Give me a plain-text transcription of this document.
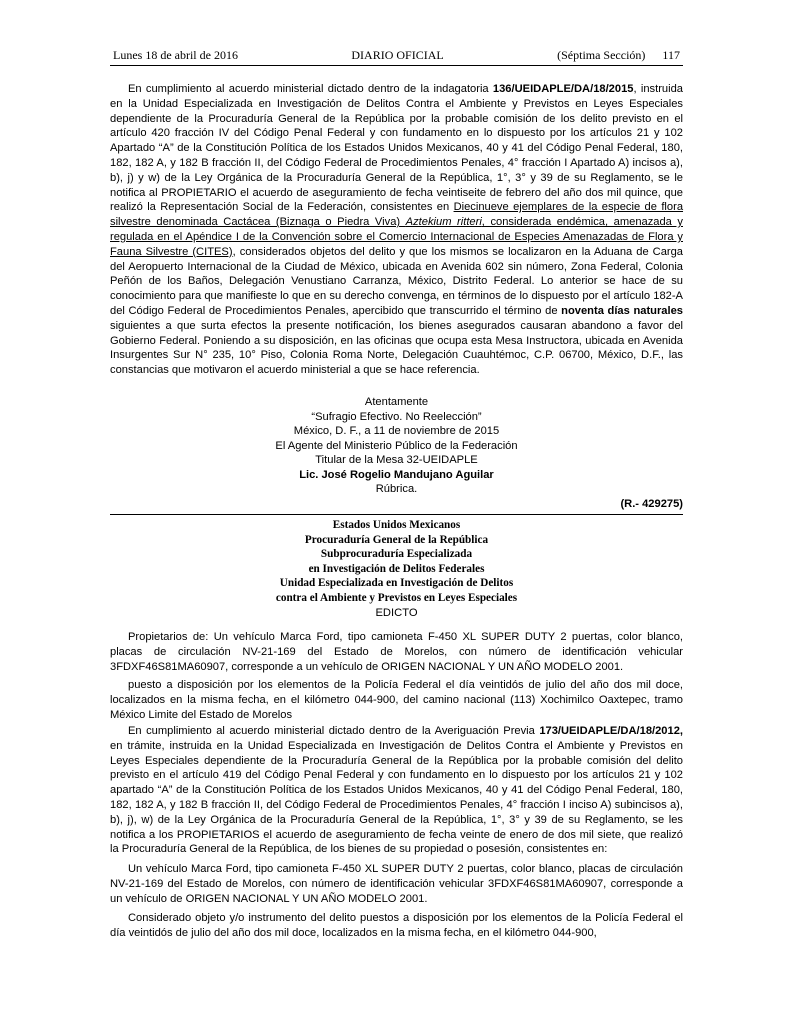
Lunes 18 de abril de 2016	DIARIO OFICIAL	(Séptima Sección) 117

En cumplimiento al acuerdo ministerial dictado dentro de la indagatoria 136/UEIDAPLE/DA/18/2015, instruida en la Unidad Especializada en Investigación de Delitos Contra el Ambiente y Previstos en Leyes Especiales dependiente de la Procuraduría General de la República por la probable comisión de los delito previsto en el artículo 420 fracción IV del Código Penal Federal y con fundamento en lo dispuesto por los artículos 21 y 102 Apartado “A” de la Constitución Política de los Estados Unidos Mexicanos, 40 y 41 del Código Penal Federal, 180, 182, 182 A, y 182 B fracción II, del Código Federal de Procedimientos Penales, 4° fracción I Apartado A) incisos a), b), j) y w) de la Ley Orgánica de la Procuraduría General de la República, 1°, 3° y 39 de su Reglamento, se le notifica al PROPIETARIO el acuerdo de aseguramiento de fecha veintiseite de febrero del año dos mil quince, que realizó la Representación Social de la Federación, consistentes en Diecinueve ejemplares de la especie de flora silvestre denominada Cactácea (Biznaga o Piedra Viva) Aztekium ritteri, considerada endémica, amenazada y regulada en el Apéndice I de la Convención sobre el Comercio Internacional de Especies Amenazadas de Flora y Fauna Silvestre (CITES), considerados objetos del delito y que los mismos se localizaron en la Aduana de Carga del Aeropuerto Internacional de la Ciudad de México, ubicada en Avenida 602 sin número, Zona Federal, Colonia Peñón de los Baños, Delegación Venustiano Carranza, México, Distrito Federal. Lo anterior se hace de su conocimiento para que manifieste lo que en su derecho convenga, en términos de lo dispuesto por el artículo 182-A del Código Federal de Procedimientos Penales, apercibido que transcurrido el término de noventa días naturales siguientes a que surta efectos la presente notificación, los bienes asegurados causaran abandono a favor del Gobierno Federal. Poniendo a su disposición, en las oficinas que ocupa esta Mesa Instructora, ubicada en Avenida Insurgentes Sur N° 235, 10° Piso, Colonia Roma Norte, Delegación Cuauhtémoc, C.P. 06700, México, D.F., las constancias que motivaron el acuerdo ministerial a que se hace referencia.

Atentamente
“Sufragio Efectivo. No Reelección”
México, D. F., a 11 de noviembre de 2015
El Agente del Ministerio Público de la Federación
Titular de la Mesa 32-UEIDAPLE
Lic. José Rogelio Mandujano Aguilar
Rúbrica.
(R.- 429275)
Estados Unidos Mexicanos
Procuraduría General de la República
Subprocuraduría Especializada
en Investigación de Delitos Federales
Unidad Especializada en Investigación de Delitos
contra el Ambiente y Previstos en Leyes Especiales
EDICTO

Propietarios de: Un vehículo Marca Ford, tipo camioneta F-450 XL SUPER DUTY 2 puertas, color blanco, placas de circulación NV-21-169 del Estado de Morelos, con número de identificación vehicular 3FDXF46S81MA60907, corresponde a un vehículo de ORIGEN NACIONAL Y UN AÑO MODELO 2001.

puesto a disposición por los elementos de la Policía Federal el día veintidós de julio del año dos mil doce, localizados en la misma fecha, en el kilómetro 044-900, del camino nacional (113) Xochimilco Oaxtepec, tramo México Limite del Estado de Morelos

En cumplimiento al acuerdo ministerial dictado dentro de la Averiguación Previa 173/UEIDAPLE/DA/18/2012, en trámite, instruida en la Unidad Especializada en Investigación de Delitos Contra el Ambiente y Previstos en Leyes Especiales dependiente de la Procuraduría General de la República por la probable comisión del delito previsto en el artículo 419 del Código Penal Federal y con fundamento en lo dispuesto por los artículos 21 y 102 apartado “A” de la Constitución Política de los Estados Unidos Mexicanos, 40 y 41 del Código Penal Federal, 180, 182, 182 A, y 182 B fracción II, del Código Federal de Procedimientos Penales, 4° fracción I inciso A) subincisos a), b), j), w) de la Ley Orgánica de la Procuraduría General de la República, 1°, 3° y 39 de su Reglamento, se les notifica a los PROPIETARIOS el acuerdo de aseguramiento de fecha veinte de enero de dos mil siete, que realizó la Procuraduría General de la República, de los bienes de su propiedad o posesión, consistentes en:

Un vehículo Marca Ford, tipo camioneta F-450 XL SUPER DUTY 2 puertas, color blanco, placas de circulación NV-21-169 del Estado de Morelos, con número de identificación vehicular 3FDXF46S81MA60907, corresponde a un vehículo de ORIGEN NACIONAL Y UN AÑO MODELO 2001.

Considerado objeto y/o instrumento del delito puestos a disposición por los elementos de la Policía Federal el día veintidós de julio del año dos mil doce, localizados en la misma fecha, en el kilómetro 044-900,
